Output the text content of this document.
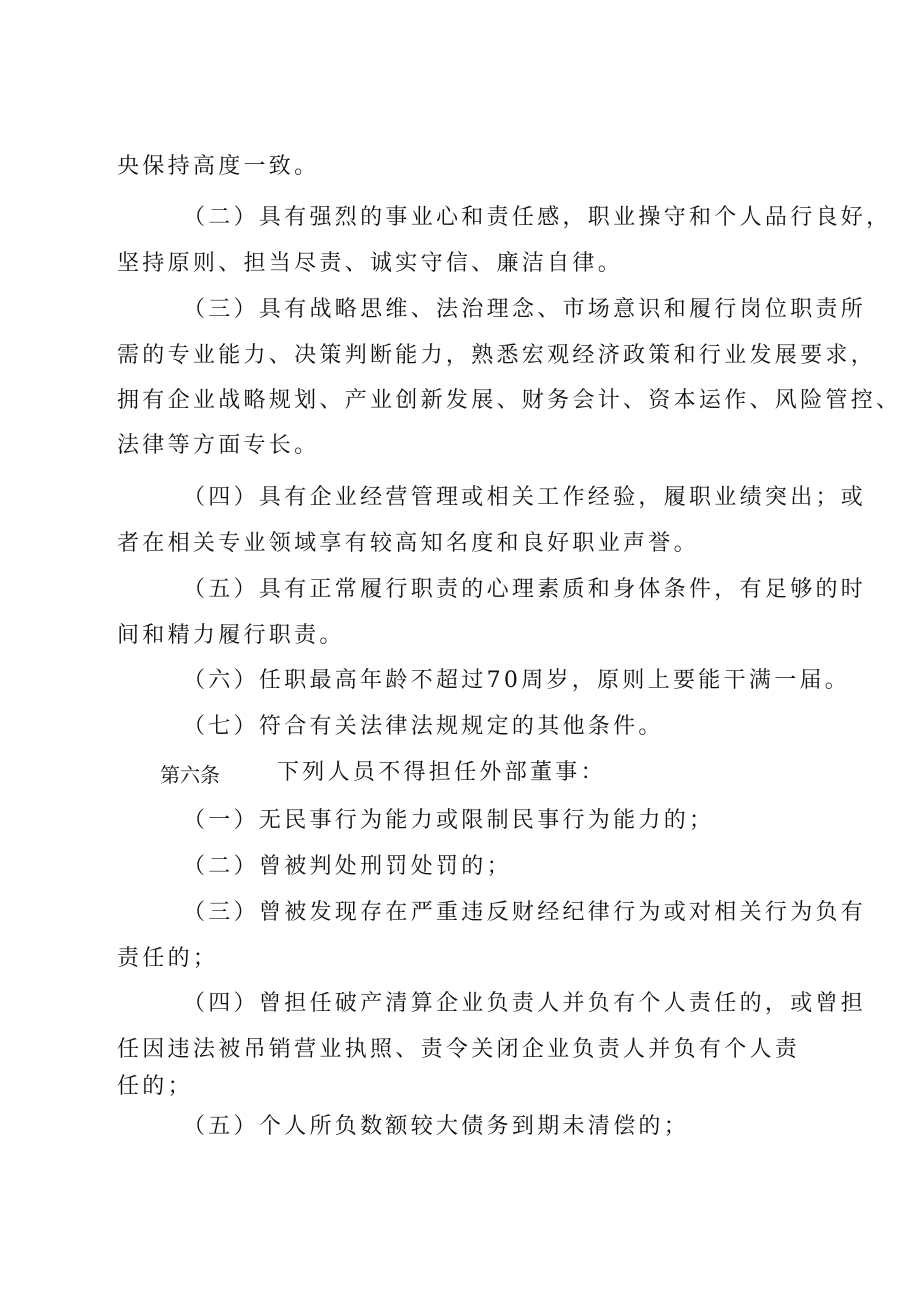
央保持高度一致。
（二）具有强烈的事业心和责任感，职业操守和个人品行良好，
坚持原则、担当尽责、诚实守信、廉洁自律。
（三）具有战略思维、法治理念、市场意识和履行岗位职责所
需的专业能力、决策判断能力，熟悉宏观经济政策和行业发展要求，
拥有企业战略规划、产业创新发展、财务会计、资本运作、风险管控、
法律等方面专长。
（四）具有企业经营管理或相关工作经验，履职业绩突出；或
者在相关专业领域享有较高知名度和良好职业声誉。
（五）具有正常履行职责的心理素质和身体条件，有足够的时
间和精力履行职责。
（六）任职最高年龄不超过70周岁，原则上要能干满一届。
（七）符合有关法律法规规定的其他条件。
第六条	下列人员不得担任外部董事：
（一）无民事行为能力或限制民事行为能力的；
（二）曾被判处刑罚处罚的；
（三）曾被发现存在严重违反财经纪律行为或对相关行为负有
责任的；
（四）曾担任破产清算企业负责人并负有个人责任的，或曾担
任因违法被吊销营业执照、责令关闭企业负责人并负有个人责
任的；
（五）个人所负数额较大债务到期未清偿的；
